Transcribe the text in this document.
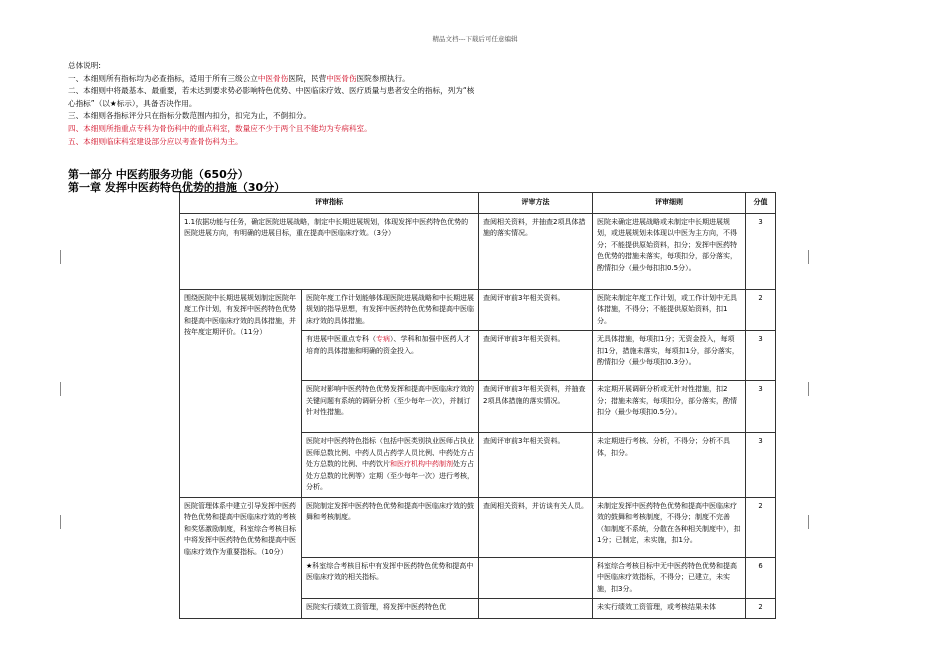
精品文档---下载后可任意编辑

总体说明:

一、本细则所有指标均为必查指标，适用于所有三级公立中医骨伤医院，民营中医骨伤医院参照执行。

二、本细则中将最基本、最重要，若未达到要求势必影响特色优势、中医临床疗效、医疗质量与患者安全的指标，列为“核心指标”（以★标示），具备否决作用。

三、本细则各指标评分只在指标分数范围内扣分，扣完为止，不倒扣分。

四、本细则所指重点专科为骨伤科中的重点科室，数量应不少于两个且不能均为专病科室。

五、本细则临床科室建设部分应以考查骨伤科为主。

第一部分 中医药服务功能（650分）
第一章 发挥中医药特色优势的措施（30分）
评审指标		评审方法	评审细则	分值
1.1依据功能与任务，确定医院进展战略，制定中长期进展规划，体现发挥中医药特色优势的医院进展方向，有明确的进展目标，重在提高中医临床疗效。（3分）		查阅相关资料，并抽查2项具体措施的落实情况。	医院未确定进展战略或未制定中长期进展规划，或进展规划未体现以中医为主方向，不得分；不能提供原始资料，扣分；发挥中医药特色优势的措施未落实，每项扣分，部分落实，酌情扣分（最少每扣扣0.5分）。	3
围绕医院中长期进展规划制定医院年度工作计划，有发挥中医药特色优势和提高中医临床疗效的具体措施，并按年度定期评价。（11分）	医院年度工作计划能够体现医院进展战略和中长期进展规划的指导思想，有发挥中医药特色优势和提高中医临床疗效的具体措施。	查阅评审前3年相关资料。	医院未制定年度工作计划，或工作计划中无具体措施，不得分；不能提供原始资料，扣1分。	2
	有进展中医重点专科（专病）、学科和加强中医药人才培育的具体措施和明确的资金投入。	查阅评审前3年相关资料。	无具体措施，每项扣1分；无资金投入，每项扣1分，措施未落实，每项扣1分，部分落实，酌情扣分（最少每项扣0.3分）。	3
	医院对影响中医药特色优势发挥和提高中医临床疗效的关键问题有系统的调研分析（至少每年一次），并制订针对性措施。	查阅评审前3年相关资料，并抽查2项具体措施的落实情况。	未定期开展调研分析或无针对性措施，扣2分；措施未落实，每项扣分，部分落实，酌情扣分（最少每项扣0.5分）。	3
	医院对中医药特色指标（包括中医类别执业医师占执业医师总数比例、中药人员占药学人员比例、中药处方占处方总数的比例、中药饮片和医疗机构中药制剂处方占处方总数的比例等）定期（至少每年一次）进行考核，分析。	查阅评审前3年相关资料。	未定期进行考核、分析，不得分；分析不具体，扣分。	3
医院管理体系中建立引导发挥中医药特色优势和提高中医临床疗效的考核和奖惩激励制度，科室综合考核目标中将发挥中医药特色优势和提高中医临床疗效作为重要指标。（10分）	医院制定发挥中医药特色优势和提高中医临床疗效的鼓舞和考核制度。	查阅相关资料，并访谈有关人员。	未制定发挥中医药特色优势和提高中医临床疗效的鼓舞和考核制度，不得分；制度不完善（如制度不系统，分散在各种相关制度中），扣1分；已制定，未实施，扣1分。	2
	★科室综合考核目标中有发挥中医药特色优势和提高中医临床疗效的相关指标。		科室综合考核目标中无中医药特色优势和提高中医临床疗效指标，不得分；已建立，未实施，扣3分。	6
	医院实行绩效工资管理，将发挥中医药特色优		未实行绩效工资管理，或考核结果未体	2
